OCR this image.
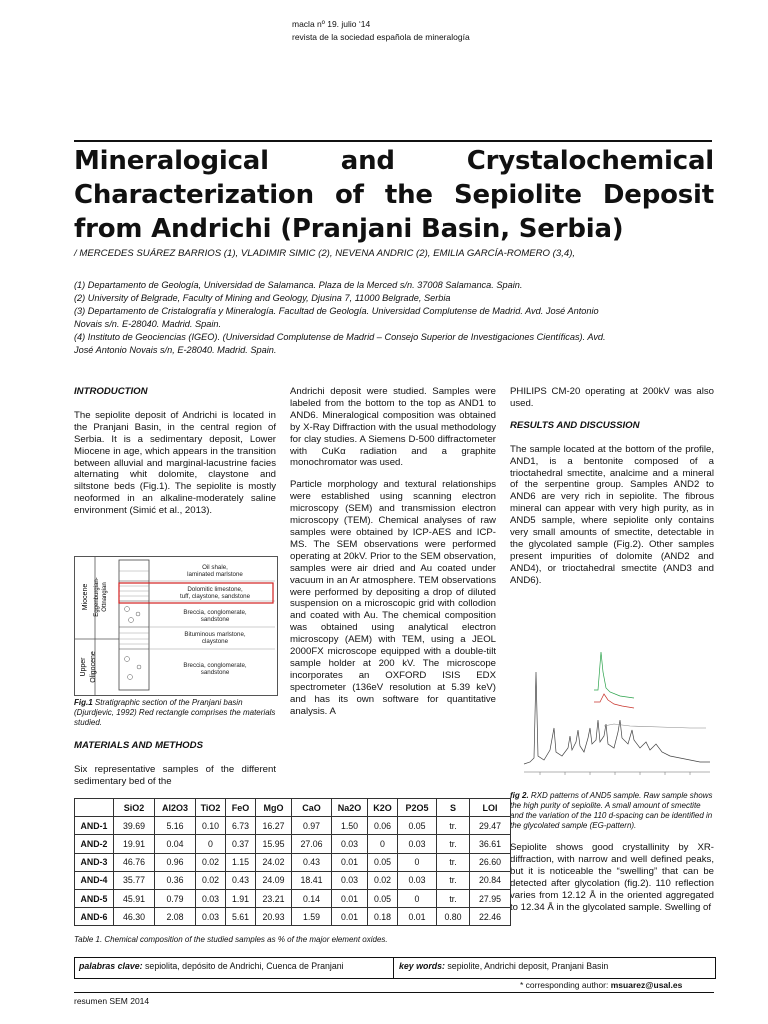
macla nº 19. julio ‘14
revista de la sociedad española de mineralogía
Mineralogical and Crystalochemical
Characterization of the Sepiolite Deposit
from Andrichi (Pranjani Basin, Serbia)
/ MERCEDES SUÁREZ BARRIOS (1), VLADIMIR SIMIC (2), NEVENA ANDRIC (2), EMILIA GARCÍA-ROMERO (3,4),
(1) Departamento de Geología, Universidad de Salamanca. Plaza de la Merced s/n. 37008 Salamanca. Spain.
(2) University of Belgrade, Faculty of Mining and Geology, Djusina 7, 11000 Belgrade, Serbia
(3) Departamento de Cristalografía y Mineralogía. Facultad de Geología. Universidad Complutense de Madrid. Avd. José Antonio
Novais s/n. E-28040. Madrid. Spain.
(4) Instituto de Geociencias (IGEO). (Universidad Complutense de Madrid – Consejo Superior de Investigaciones Científicas). Avd.
José Antonio Novais s/n, E-28040. Madrid. Spain.
INTRODUCTION

The sepiolite deposit of Andrichi is located in the Pranjani Basin, in the central region of Serbia. It is a sedimentary deposit, Lower Miocene in age, which appears in the transition between alluvial and marginal-lacustrine facies alternating whit dolomite, claystone and siltstone beds (Fig.1). The sepiolite is mostly neoformed in an alkaline-moderately saline environment (Simić et al., 2013).

Miocene Eggenburgian- Ottnangian
Upper Oligocene
Oil shale,
laminated marlstone
Dolomitic limestone,
tuff, claystone, sandstone
Breccia, conglomerate,
sandstone
Bituminous marlstone,
claystone
Breccia, conglomerate,
sandstone
Fig.1 Stratigraphic section of the Pranjani basin (Djurdjevic, 1992) Red rectangle comprises the materials studied.
MATERIALS AND METHODS

Six representative samples of the different sedimentary bed of the

Andrichi deposit were studied. Samples were labeled from the bottom to the top as AND1 to AND6. Mineralogical composition was obtained by X-Ray Diffraction with the usual methodology for clay studies. A Siemens D-500 diffractometer with CuKα radiation and a graphite monochromator was used.

Particle morphology and textural relationships were established using scanning electron microscopy (SEM) and transmission electron microscopy (TEM). Chemical analyses of raw samples were obtained by ICP-AES and ICP-MS. The SEM observations were performed operating at 20kV. Prior to the SEM observation, samples were air dried and Au coated under vacuum in an Ar atmosphere. TEM observations were performed by depositing a drop of diluted suspension on a microscopic grid with collodion and coated with Au. The chemical composition was obtained using analytical electron microscopy (AEM) with TEM, using a JEOL 2000FX microscope equipped with a double-tilt sample holder at 200 kV. The microscope incorporates an OXFORD ISIS EDX spectrometer (136eV resolution at 5.39 keV) and has its own software for quantitative analysis. A

PHILIPS CM-20 operating at 200kV was also used.

RESULTS AND DISCUSSION

The sample located at the bottom of the profile, AND1, is a bentonite composed of a trioctahedral smectite, analcime and a mineral of the serpentine group. Samples AND2 to AND6 are very rich in sepiolite. The fibrous mineral can appear with very high purity, as in AND5 sample, where sepiolite only contains very small amounts of smectite, detectable in the glycolated sample (Fig.2). Other samples present impurities of dolomite (AND2 and AND4), or trioctahedral smectite (AND3 and AND6).

fig 2. RXD patterns of AND5 sample. Raw sample shows the high purity of sepiolite. A small amount of smectite and the variation of the 110 d-spacing can be identified in the glycolated sample (EG-pattern).

Sepiolite shows good crystallinity by XR-diffraction, with narrow and well defined peaks, but it is noticeable the “swelling” that can be detected after glycolation (fig.2). 110 reflection varies from 12.12 Å in the oriented aggregated to 12.34 Å in the glycolated sample. Swelling of

	SiO2	Al2O3	TiO2	FeO	MgO	CaO	Na2O	K2O	P2O5	S	LOI
AND-1	39.69	5.16	0.10	6.73	16.27	0.97	1.50	0.06	0.05	tr.	29.47
AND-2	19.91	0.04	0	0.37	15.95	27.06	0.03	0	0.03	tr.	36.61
AND-3	46.76	0.96	0.02	1.15	24.02	0.43	0.01	0.05	0	tr.	26.60
AND-4	35.77	0.36	0.02	0.43	24.09	18.41	0.03	0.02	0.03	tr.	20.84
AND-5	45.91	0.79	0.03	1.91	23.21	0.14	0.01	0.05	0	tr.	27.95
AND-6	46.30	2.08	0.03	5.61	20.93	1.59	0.01	0.18	0.01	0.80	22.46
Table 1. Chemical composition of the studied samples as % of the major element oxides.
palabras clave: sepiolita, depósito de Andrichi, Cuenca de Pranjani	key words: sepiolite, Andrichi deposit, Pranjani Basin
* corresponding author: msuarez@usal.es
resumen SEM 2014
